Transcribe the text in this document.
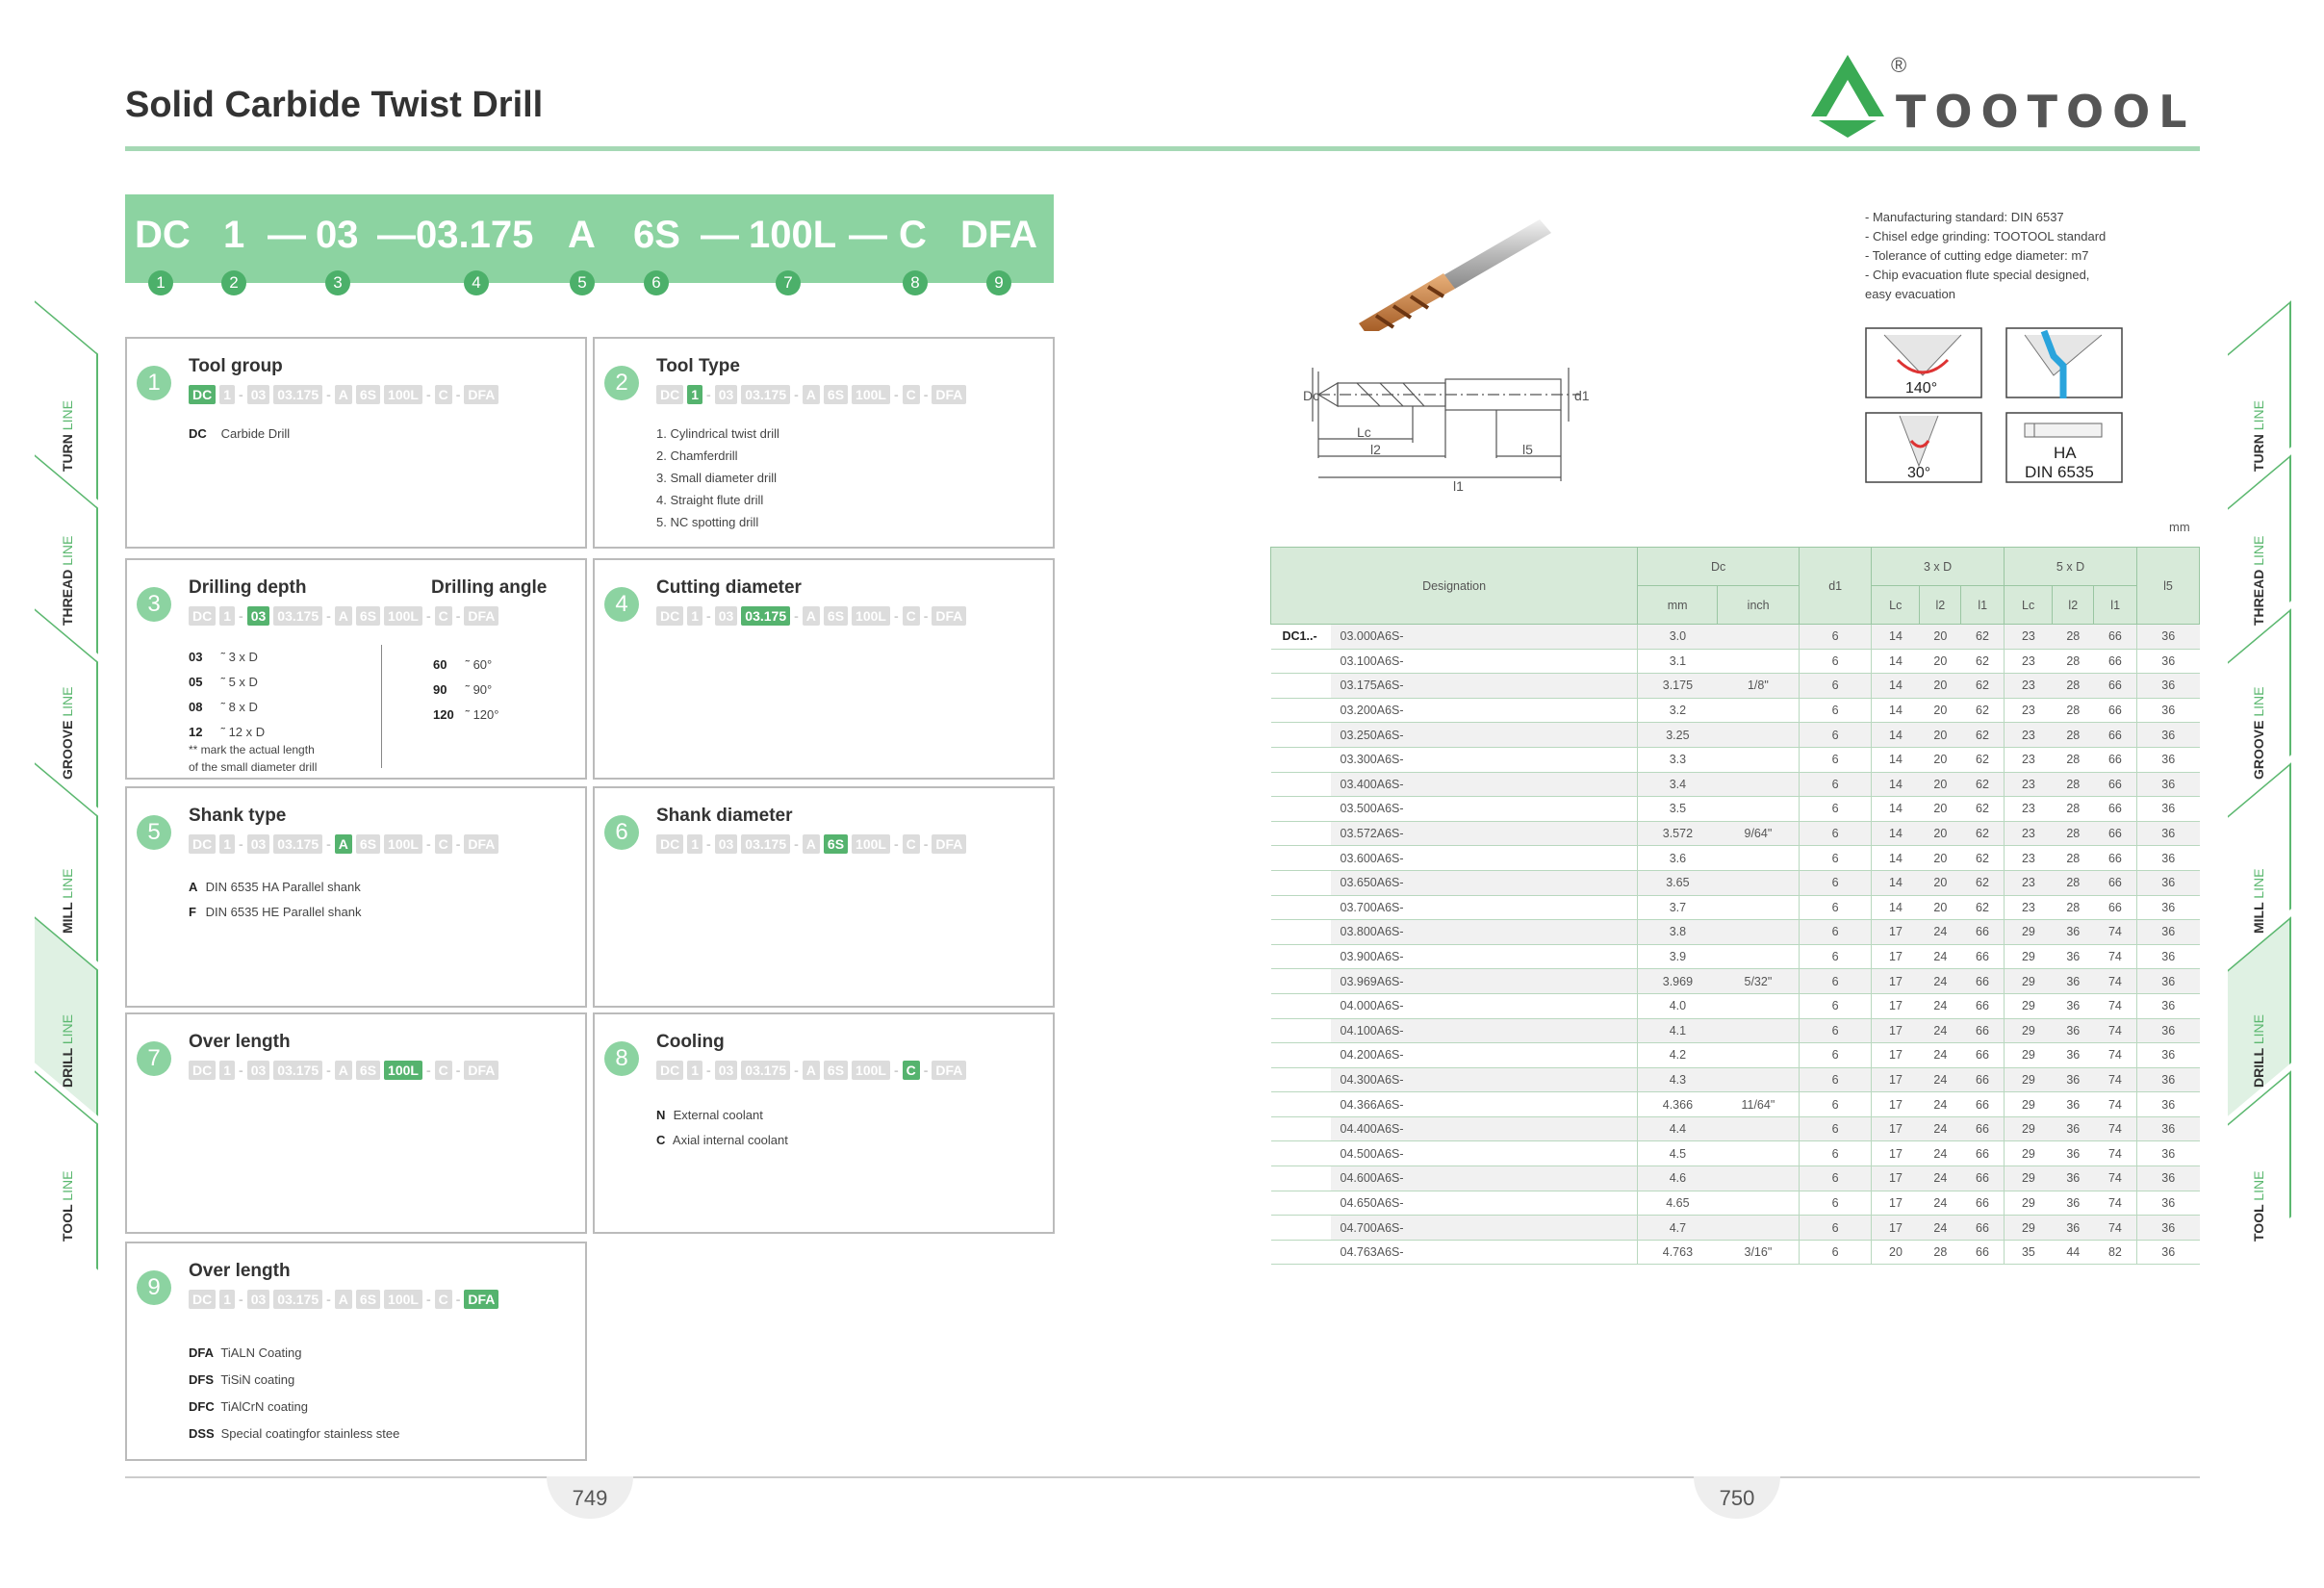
Solid Carbide Twist Drill
®
TOOTOOL
DC 1 — 03 — 03.175 A 6S — 100L — C DFA
1	2	3	4	5	6	7	8	9
1
Tool group
DC 1 - 03 03.175 - A 6S 100L - C - DFA
DC Carbide Drill
2
Tool Type
DC 1 - 03 03.175 - A 6S 100L - C - DFA
1. Cylindrical twist drill
2. Chamferdrill
3. Small diameter drill
4. Straight flute drill
5. NC spotting drill
3
Drilling depth	Drilling angle
DC 1 - 03 03.175 - A 6S 100L - C - DFA
03 ˜ 3 x D
05 ˜ 5 x D
08 ˜ 8 x D
12 ˜ 12 x D
** mark the actual length
of the small diameter drill
60 ˜ 60°
90 ˜ 90°
120 ˜ 120°
4
Cutting diameter
DC 1 - 03 03.175 - A 6S 100L - C - DFA
5
Shank type
DC 1 - 03 03.175 - A 6S 100L - C - DFA
A DIN 6535 HA Parallel shank
F DIN 6535 HE Parallel shank
6
Shank diameter
DC 1 - 03 03.175 - A 6S 100L - C - DFA
7
Over length
DC 1 - 03 03.175 - A 6S 100L - C - DFA	8
Cooling
DC 1 - 03 03.175 - A 6S 100L - C - DFA
N External coolant
C Axial internal coolant
9
Over length
DC 1 - 03 03.175 - A 6S 100L - C - DFA
DFA TiALN Coating
DFS TiSiN coating
DFC TiAlCrN coating
DSS Special coatingfor stainless stee
- Manufacturing standard: DIN 6537
- Chisel edge grinding: TOOTOOL standard
- Tolerance of cutting edge diameter: m7
- Chip evacuation flute special designed,
easy evacuation
Dc	d1
Lc
l2	l5
l1
140°
30°
HA
DIN 6535
mm
Designation		Dc		d1	3 x D			5 x D			l5
		mm	inch		Lc	l2	l1	Lc	l2	l1	
DC1..-	03.000A6S-	3.0		6	14	20	62	23	28	66	36
	03.100A6S-	3.1		6	14	20	62	23	28	66	36
	03.175A6S-	3.175	1/8"	6	14	20	62	23	28	66	36
	03.200A6S-	3.2		6	14	20	62	23	28	66	36
	03.250A6S-	3.25		6	14	20	62	23	28	66	36
	03.300A6S-	3.3		6	14	20	62	23	28	66	36
	03.400A6S-	3.4		6	14	20	62	23	28	66	36
	03.500A6S-	3.5		6	14	20	62	23	28	66	36
	03.572A6S-	3.572	9/64"	6	14	20	62	23	28	66	36
	03.600A6S-	3.6		6	14	20	62	23	28	66	36
	03.650A6S-	3.65		6	14	20	62	23	28	66	36
	03.700A6S-	3.7		6	14	20	62	23	28	66	36
	03.800A6S-	3.8		6	17	24	66	29	36	74	36
	03.900A6S-	3.9		6	17	24	66	29	36	74	36
	03.969A6S-	3.969	5/32"	6	17	24	66	29	36	74	36
	04.000A6S-	4.0		6	17	24	66	29	36	74	36
	04.100A6S-	4.1		6	17	24	66	29	36	74	36
	04.200A6S-	4.2		6	17	24	66	29	36	74	36
	04.300A6S-	4.3		6	17	24	66	29	36	74	36
	04.366A6S-	4.366	11/64"	6	17	24	66	29	36	74	36
	04.400A6S-	4.4		6	17	24	66	29	36	74	36
	04.500A6S-	4.5		6	17	24	66	29	36	74	36
	04.600A6S-	4.6		6	17	24	66	29	36	74	36
	04.650A6S-	4.65		6	17	24	66	29	36	74	36
	04.700A6S-	4.7		6	17	24	66	29	36	74	36
	04.763A6S-	4.763	3/16"	6	20	28	66	35	44	82	36
749	750
TURN LINE
THREAD LINE
GROOVE LINE
MILL LINE
DRILL LINE
TOOL LINE
TURN LINE
THREAD LINE
GROOVE LINE
MILL LINE
DRILL LINE
TOOL LINE
